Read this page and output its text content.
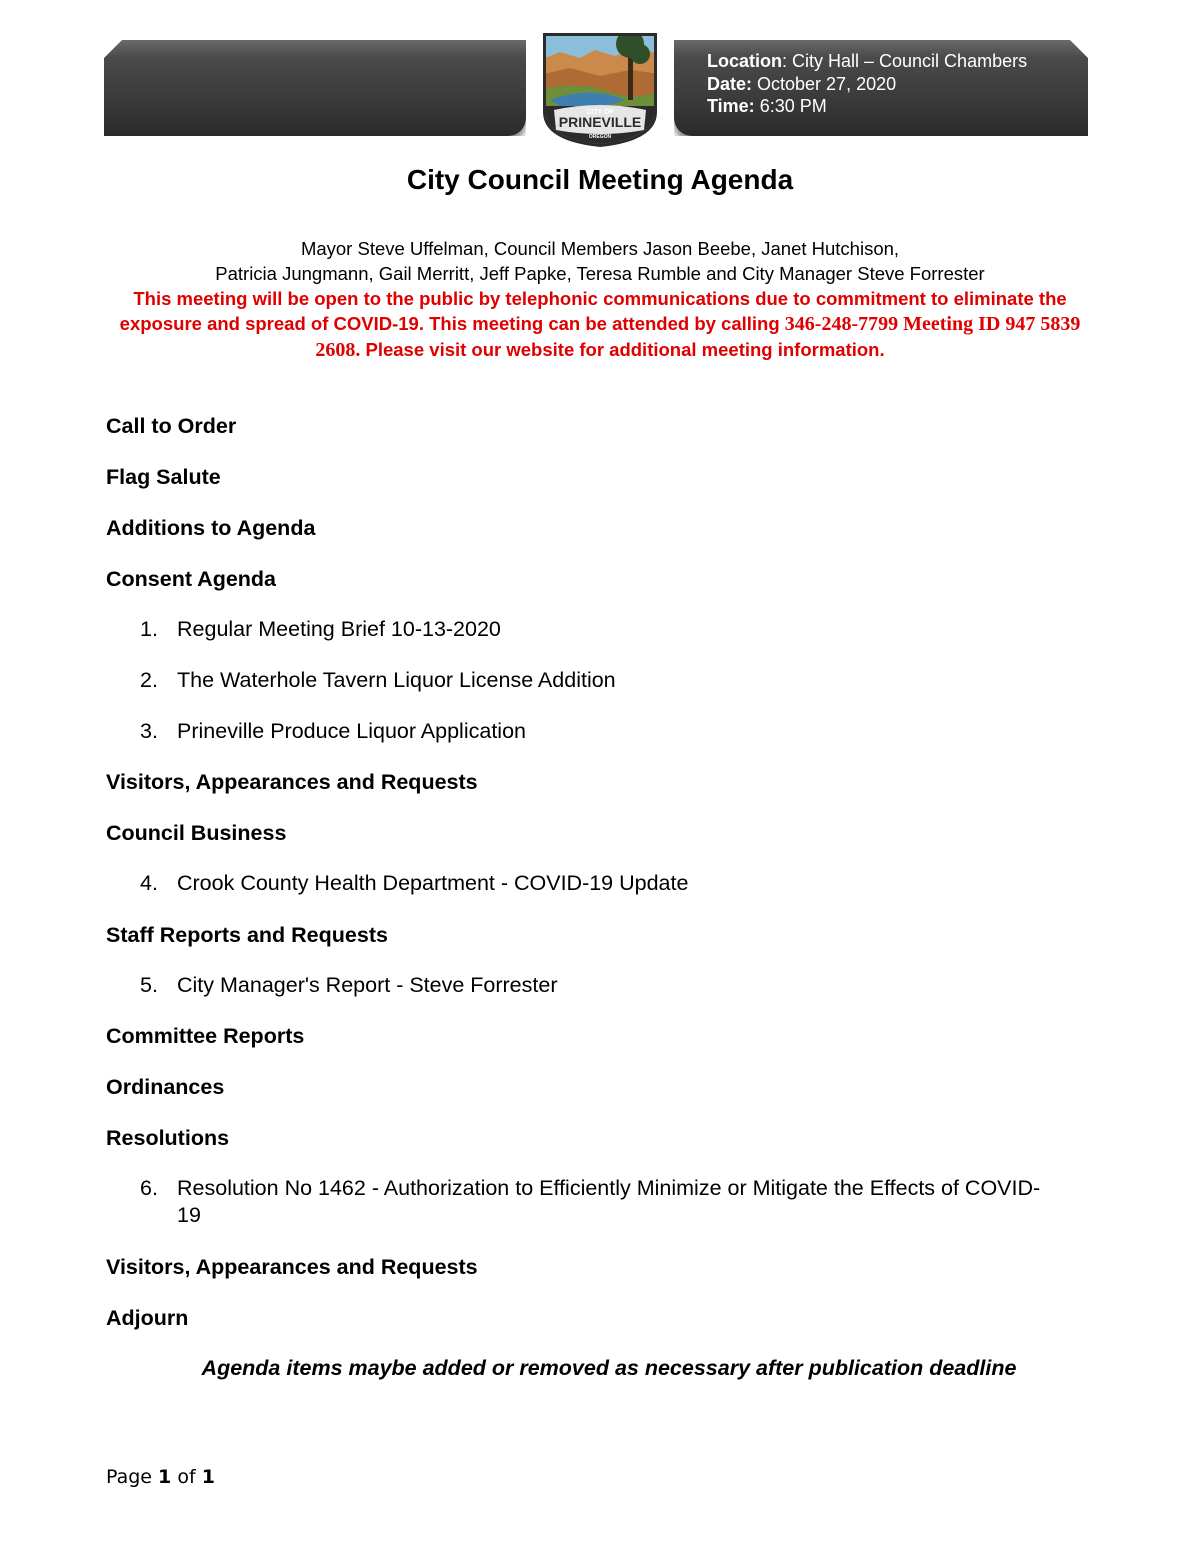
Location: City Hall – Council Chambers
Date: October 27, 2020
Time: 6:30 PM
CITY OF
PRINEVILLE
OREGON
City Council Meeting Agenda
Mayor Steve Uffelman, Council Members Jason Beebe, Janet Hutchison,
Patricia Jungmann, Gail Merritt, Jeff Papke, Teresa Rumble and City Manager Steve Forrester
This meeting will be open to the public by telephonic communications due to commitment to eliminate the exposure and spread of COVID-19. This meeting can be attended by calling 346-248-7799 Meeting ID 947 5839 2608. Please visit our website for additional meeting information.
Call to Order
Flag Salute
Additions to Agenda
Consent Agenda
1. Regular Meeting Brief 10-13-2020
2. The Waterhole Tavern Liquor License Addition
3. Prineville Produce Liquor Application
Visitors, Appearances and Requests
Council Business
4. Crook County Health Department - COVID-19 Update
Staff Reports and Requests
5. City Manager's Report - Steve Forrester
Committee Reports
Ordinances
Resolutions
6. Resolution No 1462 - Authorization to Efficiently Minimize or Mitigate the Effects of COVID-19
Visitors, Appearances and Requests
Adjourn
Agenda items maybe added or removed as necessary after publication deadline
Page 1 of 1
